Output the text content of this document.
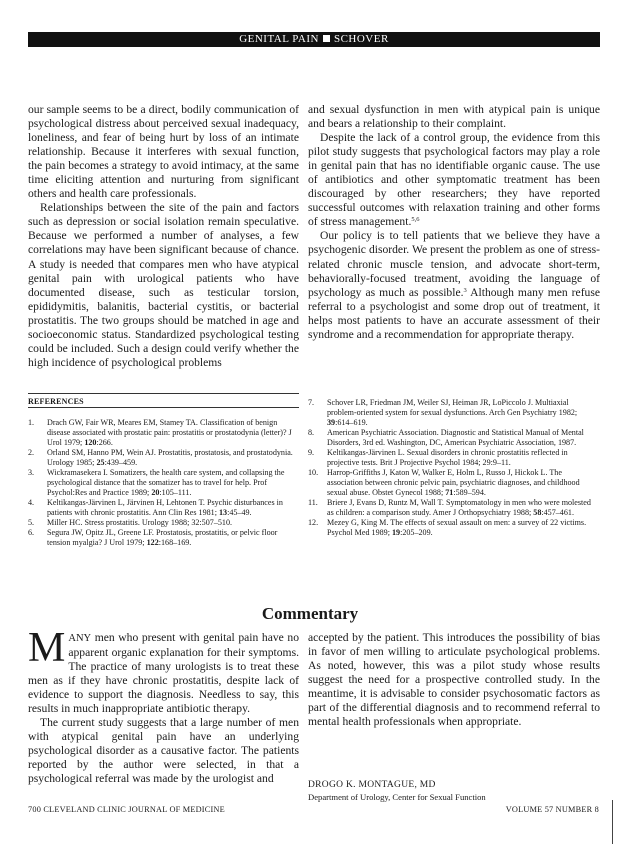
GENITAL PAIN SCHOVER

our sample seems to be a direct, bodily communication of psychological distress about perceived sexual inadequacy, loneliness, and fear of being hurt by loss of an intimate relationship. Because it interferes with sexual function, the pain becomes a strategy to avoid intimacy, at the same time eliciting attention and nurturing from significant others and health care professionals.

Relationships between the site of the pain and factors such as depression or social isolation remain speculative. Because we performed a number of analyses, a few correlations may have been significant because of chance. A study is needed that compares men who have atypical genital pain with urological patients who have documented disease, such as testicular torsion, epididymitis, balanitis, bacterial cystitis, or bacterial prostatitis. The two groups should be matched in age and socioeconomic status. Standardized psychological testing could be included. Such a design could verify whether the high incidence of psychological problems

and sexual dysfunction in men with atypical pain is unique and bears a relationship to their complaint.

Despite the lack of a control group, the evidence from this pilot study suggests that psychological factors may play a role in genital pain that has no identifiable organic cause. The use of antibiotics and other symptomatic treatment has been discouraged by other researchers; they have reported successful outcomes with relaxation training and other forms of stress management.$^{5,6}$

Our policy is to tell patients that we believe they have a psychogenic disorder. We present the problem as one of stress-related chronic muscle tension, and advocate short-term, behaviorally-focused treatment, avoiding the language of psychology as much as possible.$^3$ Although many men refuse referral to a psychologist and some drop out of treatment, it helps most patients to have an accurate assessment of their syndrome and a recommendation for appropriate therapy.

REFERENCES
1. Drach GW, Fair WR, Meares EM, Stamey TA. Classification of benign disease associated with prostatic pain: prostatitis or prostatodynia (letter)? J Urol 1979; 120:266.
2. Orland SM, Hanno PM, Wein AJ. Prostatitis, prostatosis, and prostatodynia. Urology 1985; 25:439–459.
3. Wickramasekera I. Somatizers, the health care system, and collapsing the psychological distance that the somatizer has to travel for help. Prof Psychol:Res and Practice 1989; 20:105–111.
4. Keltikangas-Järvinen L, Järvinen H, Lehtonen T. Psychic disturbances in patients with chronic prostatitis. Ann Clin Res 1981; 13:45–49.
5. Miller HC. Stress prostatitis. Urology 1988; 32:507–510.
6. Segura JW, Opitz JL, Greene LF. Prostatosis, prostatitis, or pelvic floor tension myalgia? J Urol 1979; 122:168–169.
7. Schover LR, Friedman JM, Weiler SJ, Heiman JR, LoPiccolo J. Multiaxial problem-oriented system for sexual dysfunctions. Arch Gen Psychiatry 1982; 39:614–619.
8. American Psychiatric Association. Diagnostic and Statistical Manual of Mental Disorders, 3rd ed. Washington, DC, American Psychiatric Association, 1987.
9. Keltikangas-Järvinen L. Sexual disorders in chronic prostatitis reflected in projective tests. Brit J Projective Psychol 1984; 29:9–11.
10. Harrop-Griffiths J, Katon W, Walker E, Holm L, Russo J, Hickok L. The association between chronic pelvic pain, psychiatric diagnoses, and childhood sexual abuse. Obstet Gynecol 1988; 71:589–594.
11. Briere J, Evans D, Runtz M, Wall T. Symptomatology in men who were molested as children: a comparison study. Amer J Orthopsychiatry 1988; 58:457–461.
12. Mezey G, King M. The effects of sexual assault on men: a survey of 22 victims. Psychol Med 1989; 19:205–209.
Commentary

MANY men who present with genital pain have no apparent organic explanation for their symptoms. The practice of many urologists is to treat these men as if they have chronic prostatitis, despite lack of evidence to support the diagnosis. Needless to say, this results in much inappropriate antibiotic therapy.

The current study suggests that a large number of men with atypical genital pain have an underlying psychological disorder as a causative factor. The patients reported by the author were selected, in that a psychological referral was made by the urologist and

accepted by the patient. This introduces the possibility of bias in favor of men willing to articulate psychological problems. As noted, however, this was a pilot study whose results suggest the need for a prospective controlled study. In the meantime, it is advisable to consider psychosomatic factors as part of the differential diagnosis and to recommend referral to mental health professionals when appropriate.

DROGO K. MONTAGUE, MD
Department of Urology, Center for Sexual Function
700 CLEVELAND CLINIC JOURNAL OF MEDICINE	VOLUME 57 NUMBER 8
